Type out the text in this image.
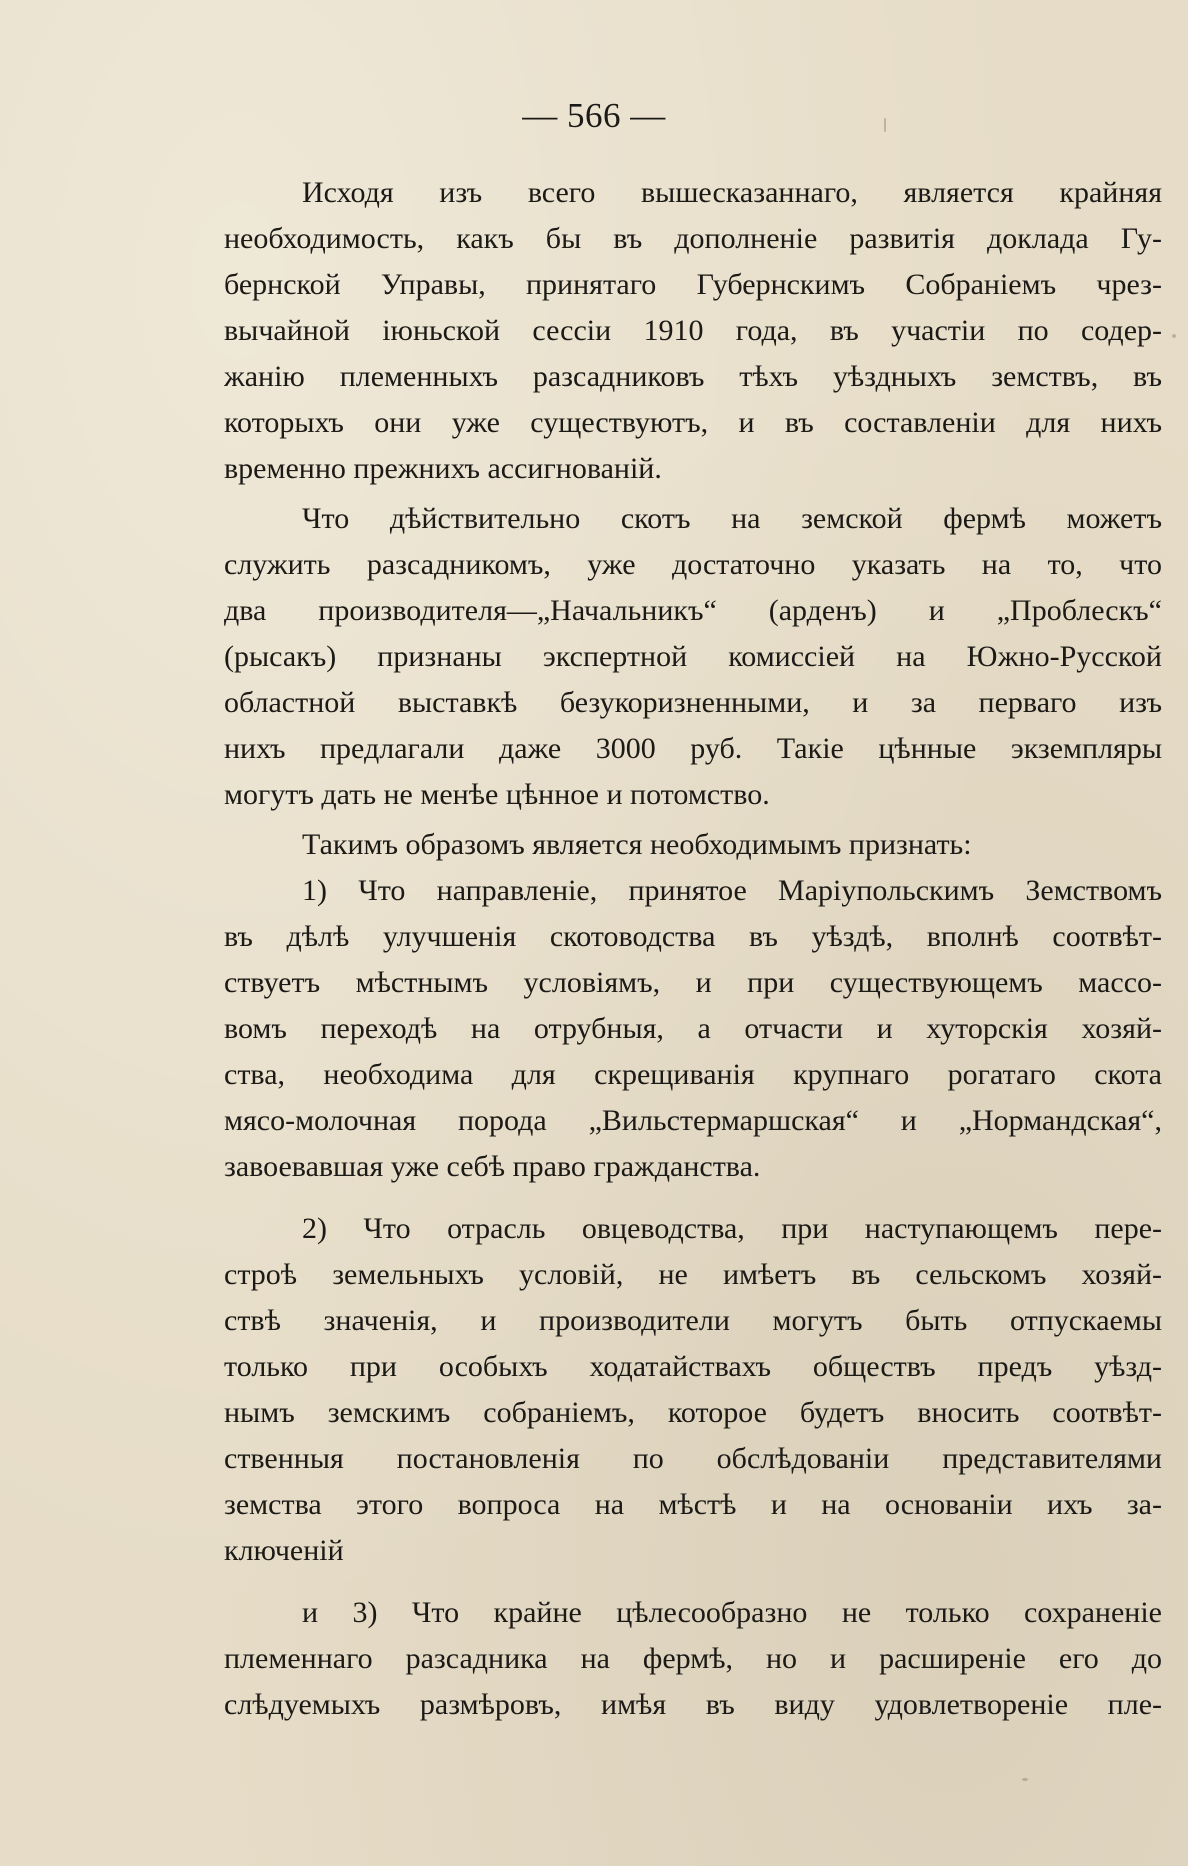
— 566 —
Исходя изъ всего вышесказаннаго, является крайняя
необходимость, какъ бы въ дополненіе развитія доклада Гу-
бернской Управы, принятаго Губернскимъ Собраніемъ чрез-
вычайной іюньской сессіи 1910 года, въ участіи по содер-
жанію племенныхъ разсадниковъ тѣхъ уѣздныхъ земствъ, въ
которыхъ они уже существуютъ, и въ составленіи для нихъ
временно прежнихъ ассигнованій.
Что дѣйствительно скотъ на земской фермѣ можетъ
служить разсадникомъ, уже достаточно указать на то, что
два производителя—„Начальникъ“ (арденъ) и „Проблескъ“
(рысакъ) признаны экспертной комиссіей на Южно-Русской
областной выставкѣ безукоризненными, и за перваго изъ
нихъ предлагали даже 3000 руб. Такіе цѣнные экземпляры
могутъ дать не менѣе цѣнное и потомство.
Такимъ образомъ является необходимымъ признать:
1) Что направленіе, принятое Маріупольскимъ Земствомъ
въ дѣлѣ улучшенія скотоводства въ уѣздѣ, вполнѣ соотвѣт-
ствуетъ мѣстнымъ условіямъ, и при существующемъ массо-
вомъ переходѣ на отрубныя, а отчасти и хуторскія хозяй-
ства, необходима для скрещиванія крупнаго рогатаго скота
мясо-молочная порода „Вильстермаршская“ и „Нормандская“,
завоевавшая уже себѣ право гражданства.
2) Что отрасль овцеводства, при наступающемъ пере-
строѣ земельныхъ условій, не имѣетъ въ сельскомъ хозяй-
ствѣ значенія, и производители могутъ быть отпускаемы
только при особыхъ ходатайствахъ обществъ предъ уѣзд-
нымъ земскимъ собраніемъ, которое будетъ вносить соотвѣт-
ственныя постановленія по обслѣдованіи представителями
земства этого вопроса на мѣстѣ и на основаніи ихъ за-
ключеній
и 3) Что крайне цѣлесообразно не только сохраненіе
племеннаго разсадника на фермѣ, но и расширеніе его до
слѣдуемыхъ размѣровъ, имѣя въ виду удовлетвореніе пле-
